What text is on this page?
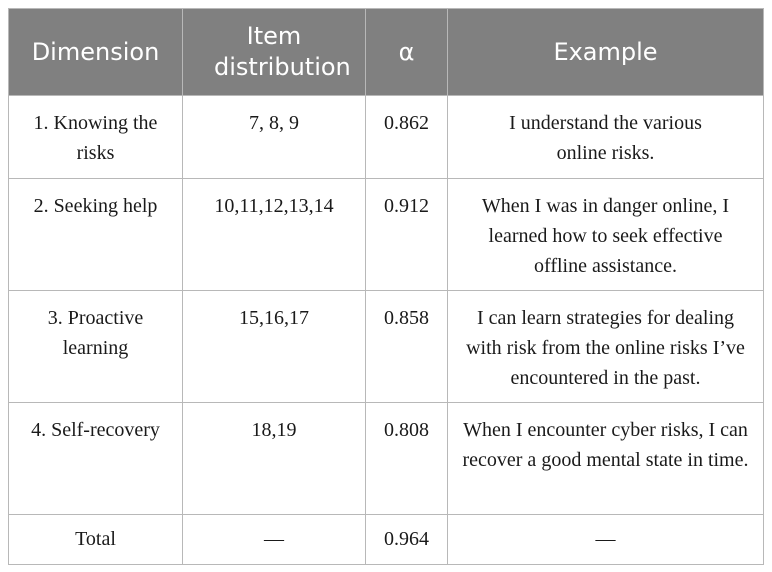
Dimension	Item distribution	α	Example
1. Knowing the risks	7, 8, 9	0.862	I understand the various online risks.
2. Seeking help	10,11,12,13,14	0.912	When I was in danger online, I learned how to seek effective offline assistance.
3. Proactive learning	15,16,17	0.858	I can learn strategies for dealing with risk from the online risks I’ve encountered in the past.
4. Self-recovery	18,19	0.808	When I encounter cyber risks, I can recover a good mental state in time.
Total	—	0.964	—
